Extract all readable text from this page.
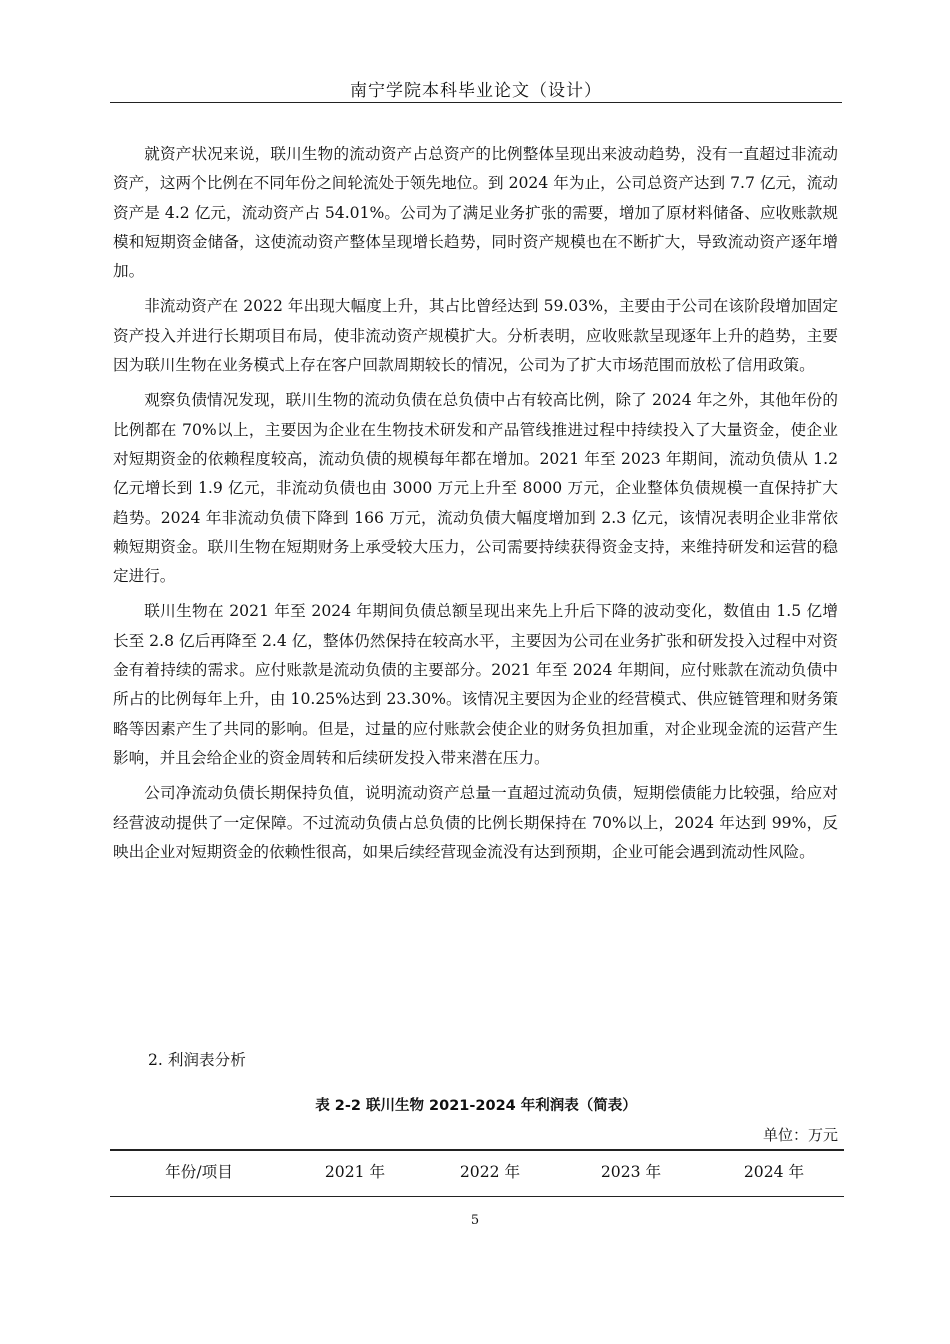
南宁学院本科毕业论文（设计）

就资产状况来说，联川生物的流动资产占总资产的比例整体呈现出来波动趋势，没有一直超过非流动资产，这两个比例在不同年份之间轮流处于领先地位。到 2024 年为止，公司总资产达到 7.7 亿元，流动资产是 4.2 亿元，流动资产占 54.01%。公司为了满足业务扩张的需要，增加了原材料储备、应收账款规模和短期资金储备，这使流动资产整体呈现增长趋势，同时资产规模也在不断扩大，导致流动资产逐年增加。

非流动资产在 2022 年出现大幅度上升，其占比曾经达到 59.03%，主要由于公司在该阶段增加固定资产投入并进行长期项目布局，使非流动资产规模扩大。分析表明，应收账款呈现逐年上升的趋势，主要因为联川生物在业务模式上存在客户回款周期较长的情况，公司为了扩大市场范围而放松了信用政策。

观察负债情况发现，联川生物的流动负债在总负债中占有较高比例，除了 2024 年之外，其他年份的比例都在 70%以上，主要因为企业在生物技术研发和产品管线推进过程中持续投入了大量资金，使企业对短期资金的依赖程度较高，流动负债的规模每年都在增加。2021 年至 2023 年期间，流动负债从 1.2 亿元增长到 1.9 亿元，非流动负债也由 3000 万元上升至 8000 万元，企业整体负债规模一直保持扩大趋势。2024 年非流动负债下降到 166 万元，流动负债大幅度增加到 2.3 亿元，该情况表明企业非常依赖短期资金。联川生物在短期财务上承受较大压力，公司需要持续获得资金支持，来维持研发和运营的稳定进行。

联川生物在 2021 年至 2024 年期间负债总额呈现出来先上升后下降的波动变化，数值由 1.5 亿增长至 2.8 亿后再降至 2.4 亿，整体仍然保持在较高水平，主要因为公司在业务扩张和研发投入过程中对资金有着持续的需求。应付账款是流动负债的主要部分。2021 年至 2024 年期间，应付账款在流动负债中所占的比例每年上升，由 10.25%达到 23.30%。该情况主要因为企业的经营模式、供应链管理和财务策略等因素产生了共同的影响。但是，过量的应付账款会使企业的财务负担加重，对企业现金流的运营产生影响，并且会给企业的资金周转和后续研发投入带来潜在压力。

公司净流动负债长期保持负值，说明流动资产总量一直超过流动负债，短期偿债能力比较强，给应对经营波动提供了一定保障。不过流动负债占总负债的比例长期保持在 70%以上，2024 年达到 99%，反映出企业对短期资金的依赖性很高，如果后续经营现金流没有达到预期，企业可能会遇到流动性风险。

2. 利润表分析
表 2-2 联川生物 2021-2024 年利润表（简表）
单位：万元
年份/项目	2021 年	2022 年	2023 年	2024 年
5
